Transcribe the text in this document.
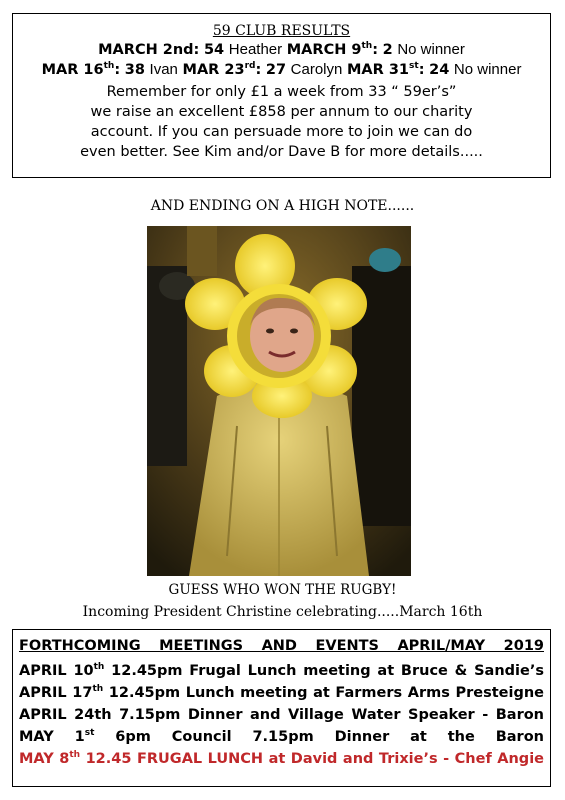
59 CLUB RESULTS
MARCH 2nd: 54 Heather MARCH 9th: 2 No winner
MAR 16th: 38 Ivan MAR 23rd: 27 Carolyn MAR 31st: 24 No winner
Remember for only £1 a week from 33 “ 59er’s”
we raise an excellent £858 per annum to our charity
account. If you can persuade more to join we can do
even better. See Kim and/or Dave B for more details.....
AND ENDING ON A HIGH NOTE......
GUESS WHO WON THE RUGBY!
Incoming President Christine celebrating.....March 16th
FORTHCOMING MEETINGS AND EVENTS APRIL/MAY 2019
APRIL 10th 12.45pm Frugal Lunch meeting at Bruce & Sandie’s
APRIL 17th 12.45pm Lunch meeting at Farmers Arms Presteigne
APRIL 24th 7.15pm Dinner and Village Water Speaker - Baron
MAY 1st 6pm Council 7.15pm Dinner at the Baron
MAY 8th 12.45 FRUGAL LUNCH at David and Trixie’s - Chef Angie
